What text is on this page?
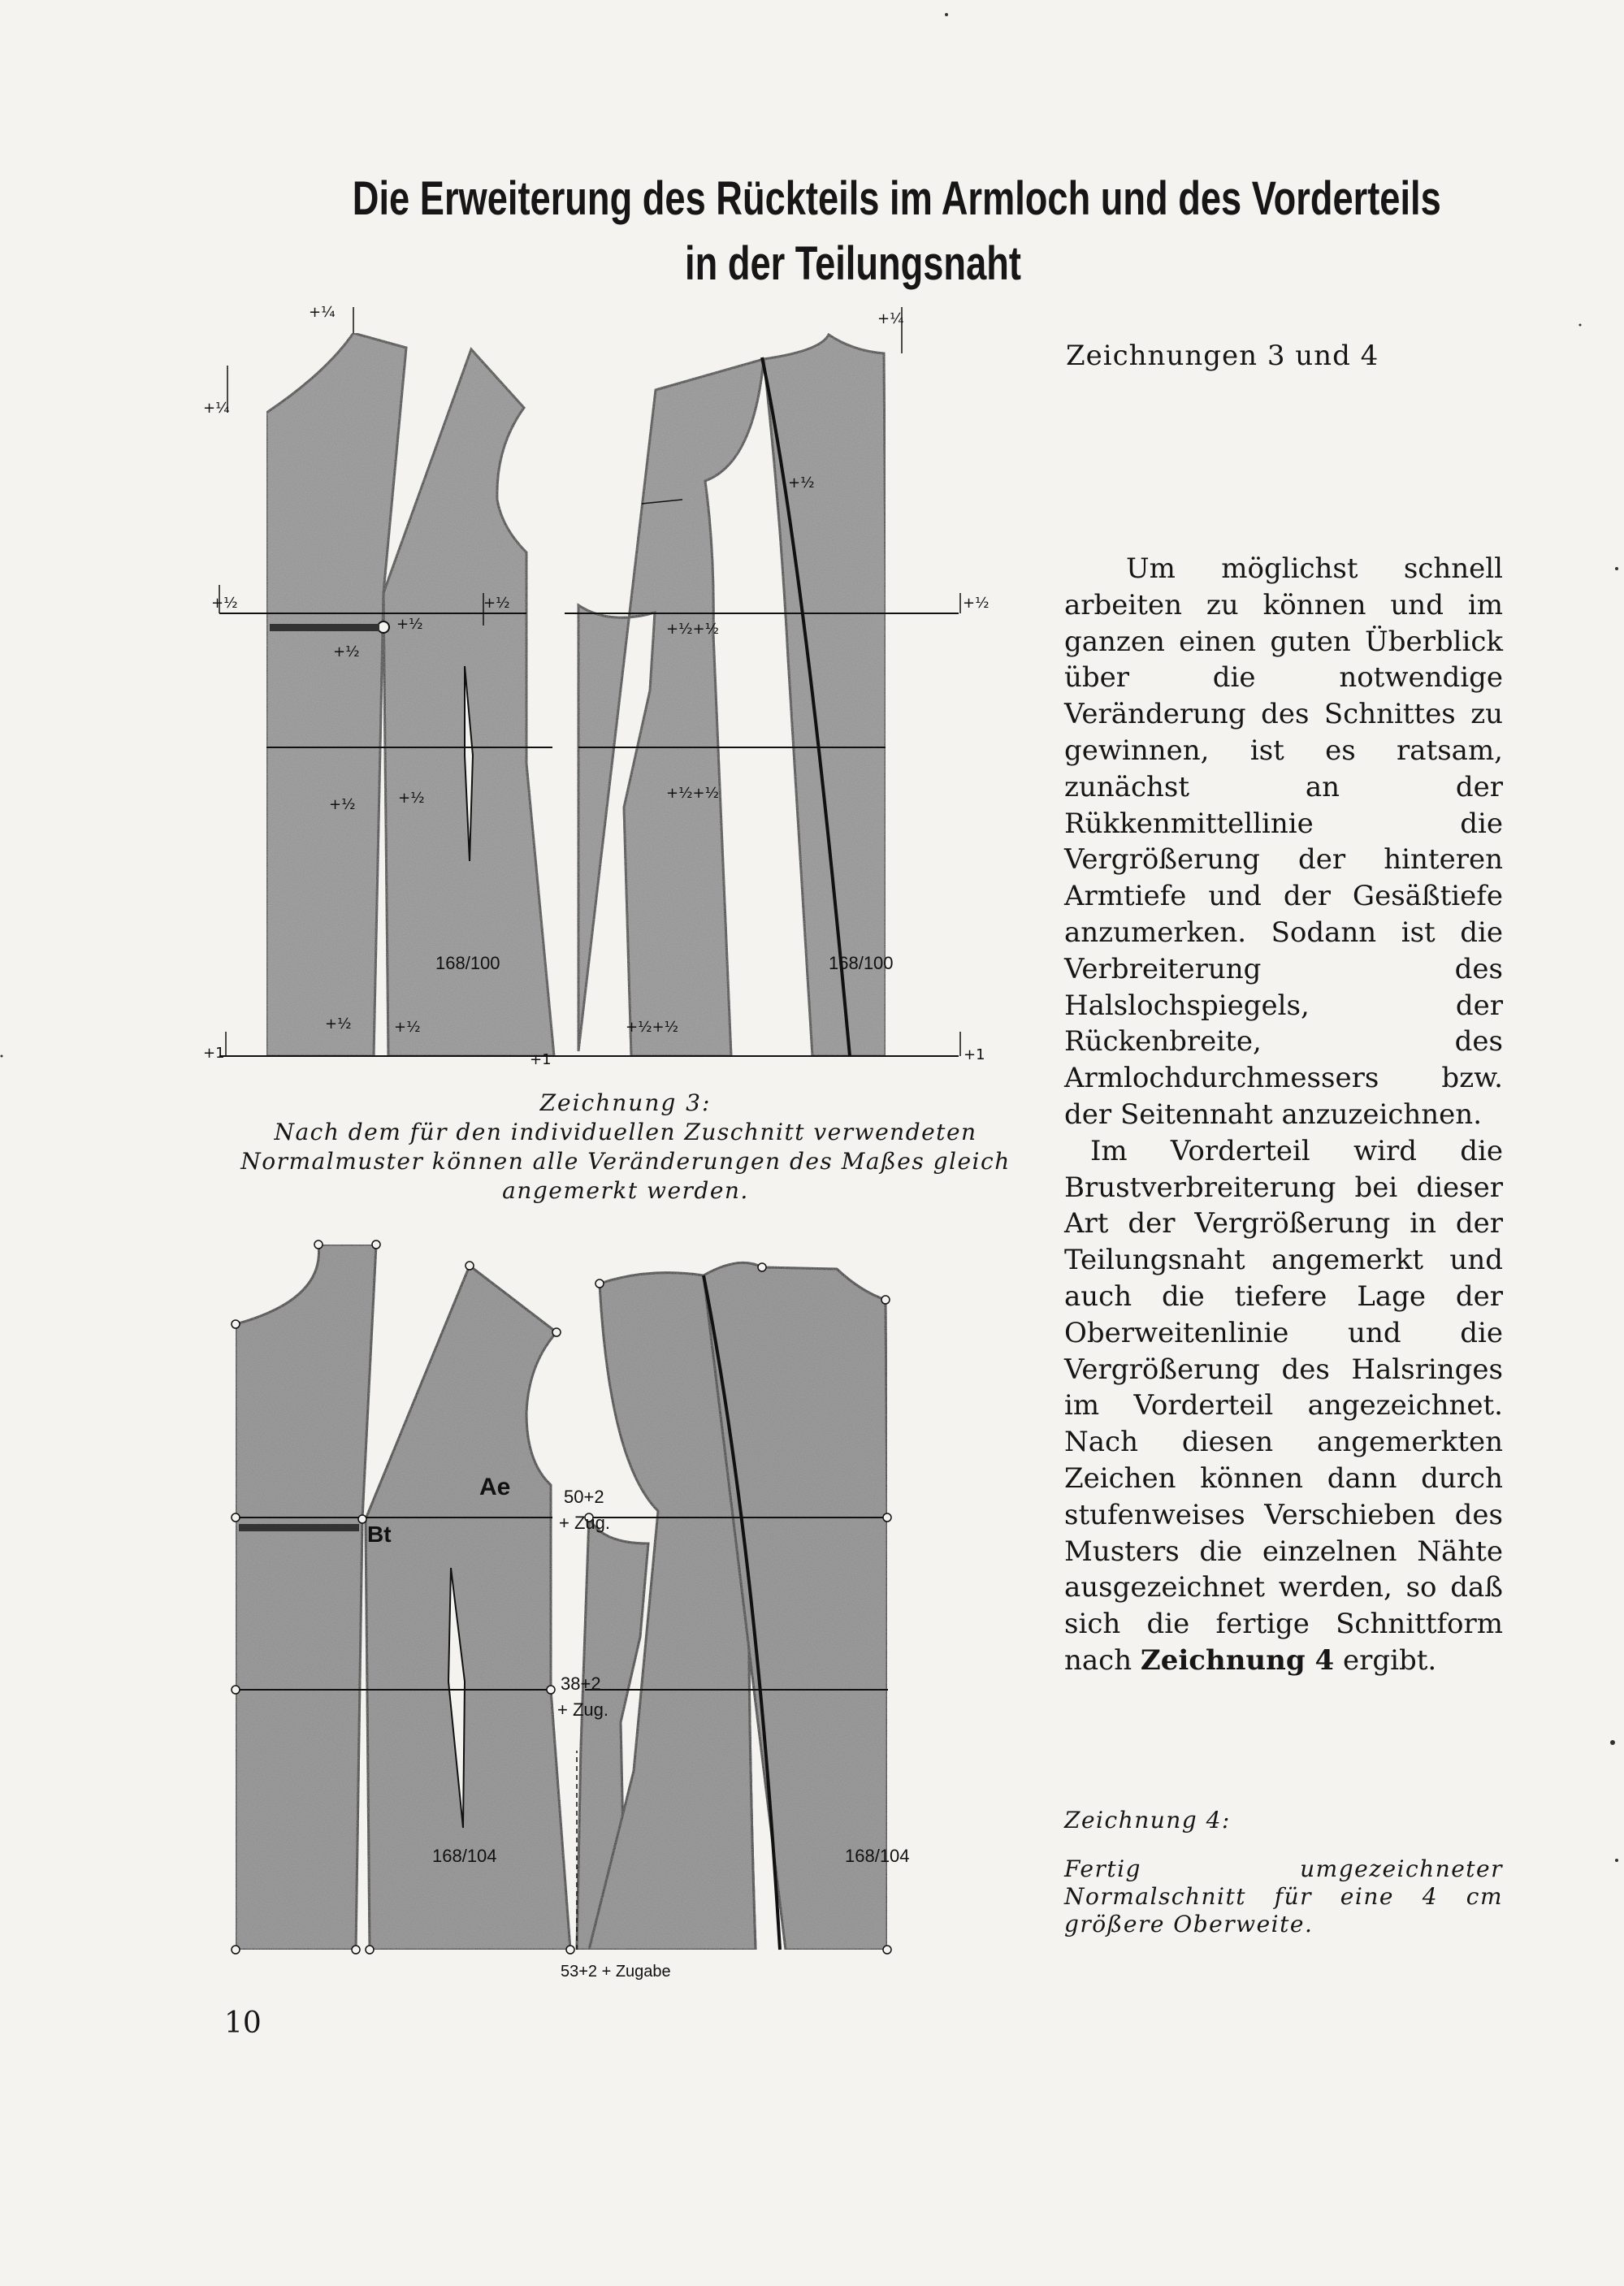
Die Erweiterung des Rückteils im Armloch und des Vorderteils
in der Teilungsnaht
+¼
+¼
+¼
+½	+½	+½
+½
+½
+½
+½+½
+½	+½	+½+½
+½	+½	+½+½
+1	+1	+1
168/100	168/100
Zeichnung 3:
Nach dem für den individuellen Zuschnitt verwendeten Normalmuster können alle Veränderungen des Maßes gleich angemerkt werden.
Ae
Bt
50+2
+ Zug.
38+2
+ Zug.
53+2 + Zugabe
168/104	168/104
Zeichnungen 3 und 4

Um möglichst schnell arbeiten zu können und im ganzen einen guten Überblick über die notwendige Veränderung des Schnittes zu gewinnen, ist es ratsam, zunächst an der Rükkenmittellinie die Vergrößerung der hinteren Armtiefe und der Gesäßtiefe anzumerken. Sodann ist die Verbreiterung des Halslochspiegels, der Rückenbreite, des Armlochdurchmessers bzw. der Seitennaht anzuzeichnen.

Im Vorderteil wird die Brustverbreiterung bei dieser Art der Vergrößerung in der Teilungsnaht angemerkt und auch die tiefere Lage der Oberweitenlinie und die Vergrößerung des Halsringes im Vorderteil angezeichnet. Nach diesen angemerkten Zeichen können dann durch stufenweises Verschieben des Musters die einzelnen Nähte ausgezeichnet werden, so daß sich die fertige Schnittform nach Zeichnung 4 ergibt.

Zeichnung 4:
Fertig umgezeichneter Normalschnitt für eine 4 cm größere Oberweite.
10
